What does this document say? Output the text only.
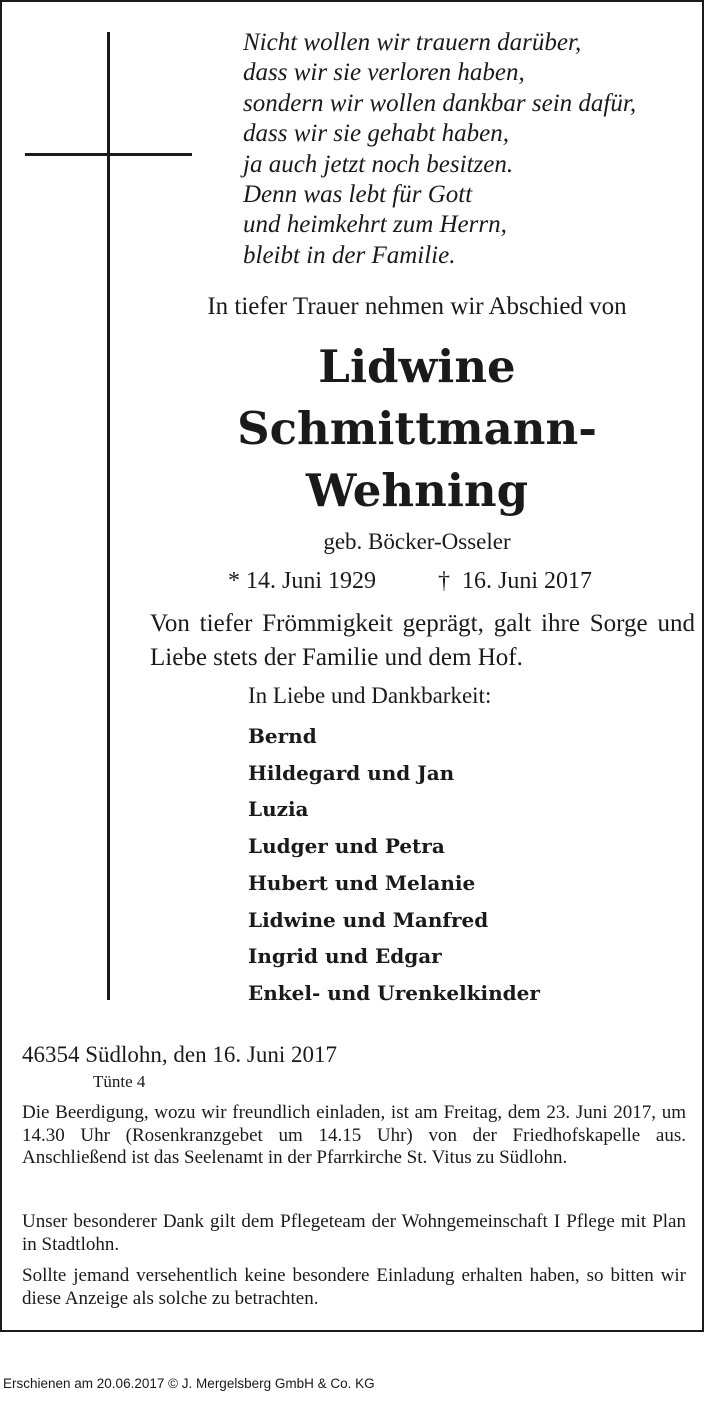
Nicht wollen wir trauern darüber,
dass wir sie verloren haben,
sondern wir wollen dankbar sein dafür,
dass wir sie gehabt haben,
ja auch jetzt noch besitzen.
Denn was lebt für Gott
und heimkehrt zum Herrn,
bleibt in der Familie.
In tiefer Trauer nehmen wir Abschied von
Lidwine
Schmittmann-
Wehning
geb. Böcker-Osseler
* 14. Juni 1929	† 16. Juni 2017
Von tiefer Frömmigkeit geprägt, galt ihre Sorge und Liebe stets der Familie und dem Hof.
In Liebe und Dankbarkeit:
Bernd
Hildegard und Jan
Luzia
Ludger und Petra
Hubert und Melanie
Lidwine und Manfred
Ingrid und Edgar
Enkel- und Urenkelkinder
46354 Südlohn, den 16. Juni 2017
Tünte 4

Die Beerdigung, wozu wir freundlich einladen, ist am Freitag, dem 23. Juni 2017, um 14.30 Uhr (Rosenkranzgebet um 14.15 Uhr) von der Friedhofskapelle aus. Anschließend ist das Seelenamt in der Pfarrkirche St. Vitus zu Südlohn.

Unser besonderer Dank gilt dem Pflegeteam der Wohngemeinschaft I Pflege mit Plan in Stadtlohn.

Sollte jemand versehentlich keine besondere Einladung erhalten haben, so bitten wir diese Anzeige als solche zu betrachten.

Erschienen am 20.06.2017 © J. Mergelsberg GmbH & Co. KG
